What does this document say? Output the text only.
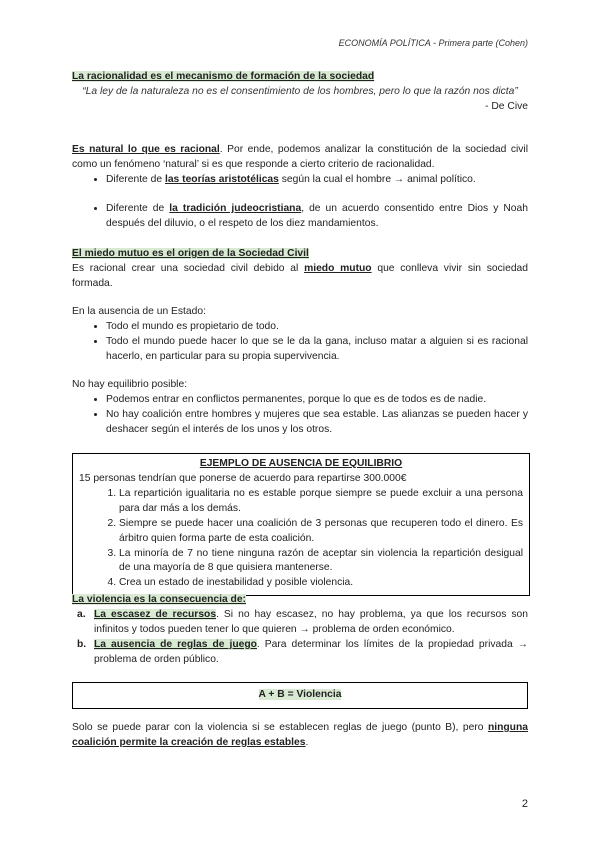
ECONOMÍA POLÍTICA - Primera parte (Cohen)

La racionalidad es el mecanismo de formación de la sociedad

“La ley de la naturaleza no es el consentimiento de los hombres, pero lo que la razón nos dicta”

- De Cive

Es natural lo que es racional. Por ende, podemos analizar la constitución de la sociedad civil como un fenómeno ‘natural’ si es que responde a cierto criterio de racionalidad.

• Diferente de las teorías aristotélicas según la cual el hombre → animal político.
• Diferente de la tradición judeocristiana, de un acuerdo consentido entre Dios y Noah después del diluvio, o el respeto de los diez mandamientos.

El miedo mutuo es el origen de la Sociedad Civil

Es racional crear una sociedad civil debido al miedo mutuo que conlleva vivir sin sociedad formada.

En la ausencia de un Estado:

• Todo el mundo es propietario de todo.
• Todo el mundo puede hacer lo que se le da la gana, incluso matar a alguien si es racional hacerlo, en particular para su propia supervivencia.

No hay equilibrio posible:

• Podemos entrar en conflictos permanentes, porque lo que es de todos es de nadie.
• No hay coalición entre hombres y mujeres que sea estable. Las alianzas se pueden hacer y deshacer según el interés de los unos y los otros.

EJEMPLO DE AUSENCIA DE EQUILIBRIO

15 personas tendrían que ponerse de acuerdo para repartirse 300.000€

1. La repartición igualitaria no es estable porque siempre se puede excluir a una persona para dar más a los demás.
2. Siempre se puede hacer una coalición de 3 personas que recuperen todo el dinero. Es árbitro quien forma parte de esta coalición.
3. La minoría de 7 no tiene ninguna razón de aceptar sin violencia la repartición desigual de una mayoría de 8 que quisiera mantenerse.
4. Crea un estado de inestabilidad y posible violencia.

La violencia es la consecuencia de:

a. La escasez de recursos. Si no hay escasez, no hay problema, ya que los recursos son infinitos y todos pueden tener lo que quieren → problema de orden económico.
b. La ausencia de reglas de juego. Para determinar los límites de la propiedad privada → problema de orden público.
A + B = Violencia

Solo se puede parar con la violencia si se establecen reglas de juego (punto B), pero ninguna coalición permite la creación de reglas estables.

2
